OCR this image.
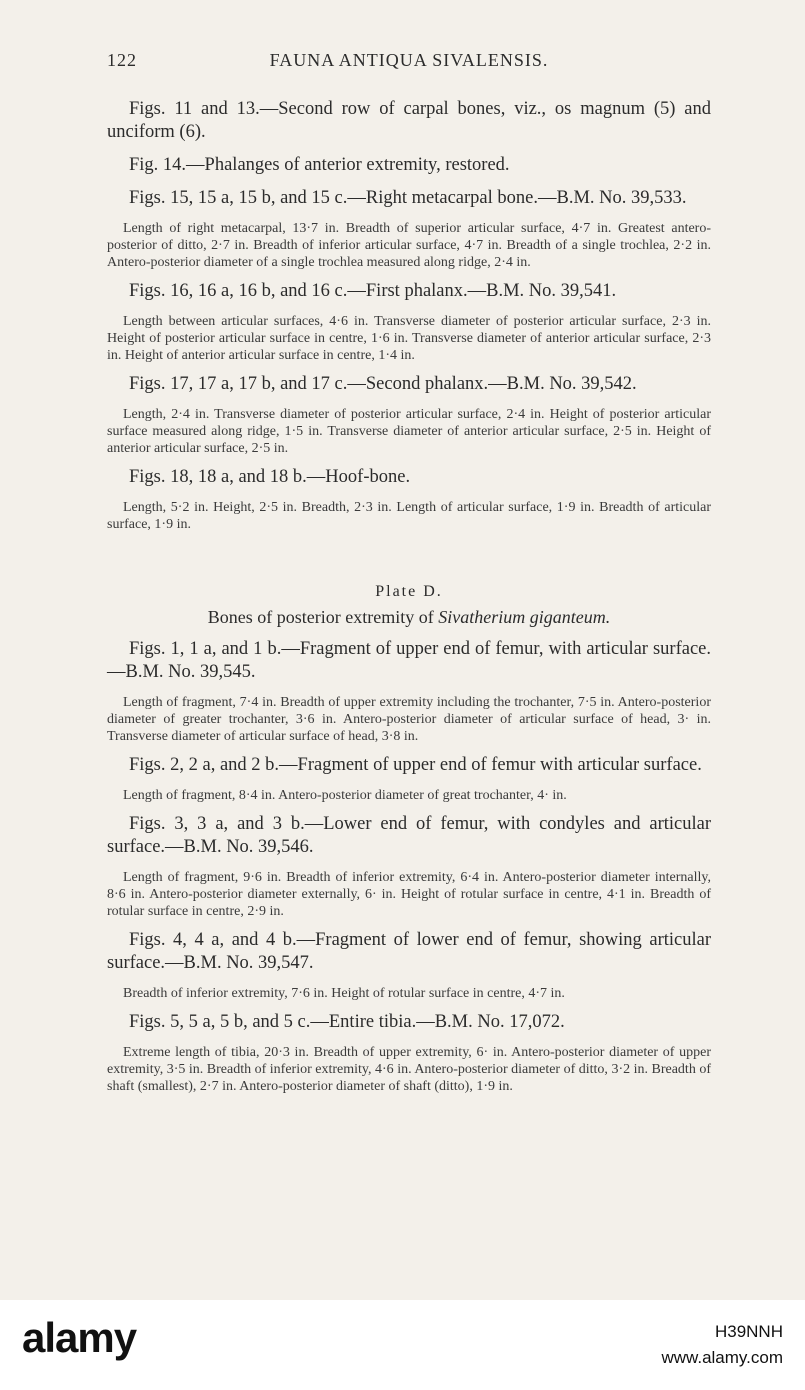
122	FAUNA ANTIQUA SIVALENSIS.

Figs. 11 and 13.—Second row of carpal bones, viz., os magnum (5) and unciform (6).

Fig. 14.—Phalanges of anterior extremity, restored.

Figs. 15, 15 a, 15 b, and 15 c.—Right metacarpal bone.—B.M. No. 39,533.

Length of right metacarpal, 13·7 in. Breadth of superior articular surface, 4·7 in. Greatest antero-posterior of ditto, 2·7 in. Breadth of inferior articular surface, 4·7 in. Breadth of a single trochlea, 2·2 in. Antero-posterior diameter of a single trochlea measured along ridge, 2·4 in.

Figs. 16, 16 a, 16 b, and 16 c.—First phalanx.—B.M. No. 39,541.

Length between articular surfaces, 4·6 in. Transverse diameter of posterior articular surface, 2·3 in. Height of posterior articular surface in centre, 1·6 in. Transverse diameter of anterior articular surface, 2·3 in. Height of anterior articular surface in centre, 1·4 in.

Figs. 17, 17 a, 17 b, and 17 c.—Second phalanx.—B.M. No. 39,542.

Length, 2·4 in. Transverse diameter of posterior articular surface, 2·4 in. Height of posterior articular surface measured along ridge, 1·5 in. Transverse diameter of anterior articular surface, 2·5 in. Height of anterior articular surface, 2·5 in.

Figs. 18, 18 a, and 18 b.—Hoof-bone.

Length, 5·2 in. Height, 2·5 in. Breadth, 2·3 in. Length of articular surface, 1·9 in. Breadth of articular surface, 1·9 in.

Plate D.
Bones of posterior extremity of Sivatherium giganteum.

Figs. 1, 1 a, and 1 b.—Fragment of upper end of femur, with articular surface.—B.M. No. 39,545.

Length of fragment, 7·4 in. Breadth of upper extremity including the trochanter, 7·5 in. Antero-posterior diameter of greater trochanter, 3·6 in. Antero-posterior diameter of articular surface of head, 3· in. Transverse diameter of articular surface of head, 3·8 in.

Figs. 2, 2 a, and 2 b.—Fragment of upper end of femur with articular surface.

Length of fragment, 8·4 in. Antero-posterior diameter of great trochanter, 4· in.

Figs. 3, 3 a, and 3 b.—Lower end of femur, with condyles and articular surface.—B.M. No. 39,546.

Length of fragment, 9·6 in. Breadth of inferior extremity, 6·4 in. Antero-posterior diameter internally, 8·6 in. Antero-posterior diameter externally, 6· in. Height of rotular surface in centre, 4·1 in. Breadth of rotular surface in centre, 2·9 in.

Figs. 4, 4 a, and 4 b.—Fragment of lower end of femur, showing articular surface.—B.M. No. 39,547.

Breadth of inferior extremity, 7·6 in. Height of rotular surface in centre, 4·7 in.

Figs. 5, 5 a, 5 b, and 5 c.—Entire tibia.—B.M. No. 17,072.

Extreme length of tibia, 20·3 in. Breadth of upper extremity, 6· in. Antero-posterior diameter of upper extremity, 3·5 in. Breadth of inferior extremity, 4·6 in. Antero-posterior diameter of ditto, 3·2 in. Breadth of shaft (smallest), 2·7 in. Antero-posterior diameter of shaft (ditto), 1·9 in.

alamy	H39NNH
www.alamy.com
